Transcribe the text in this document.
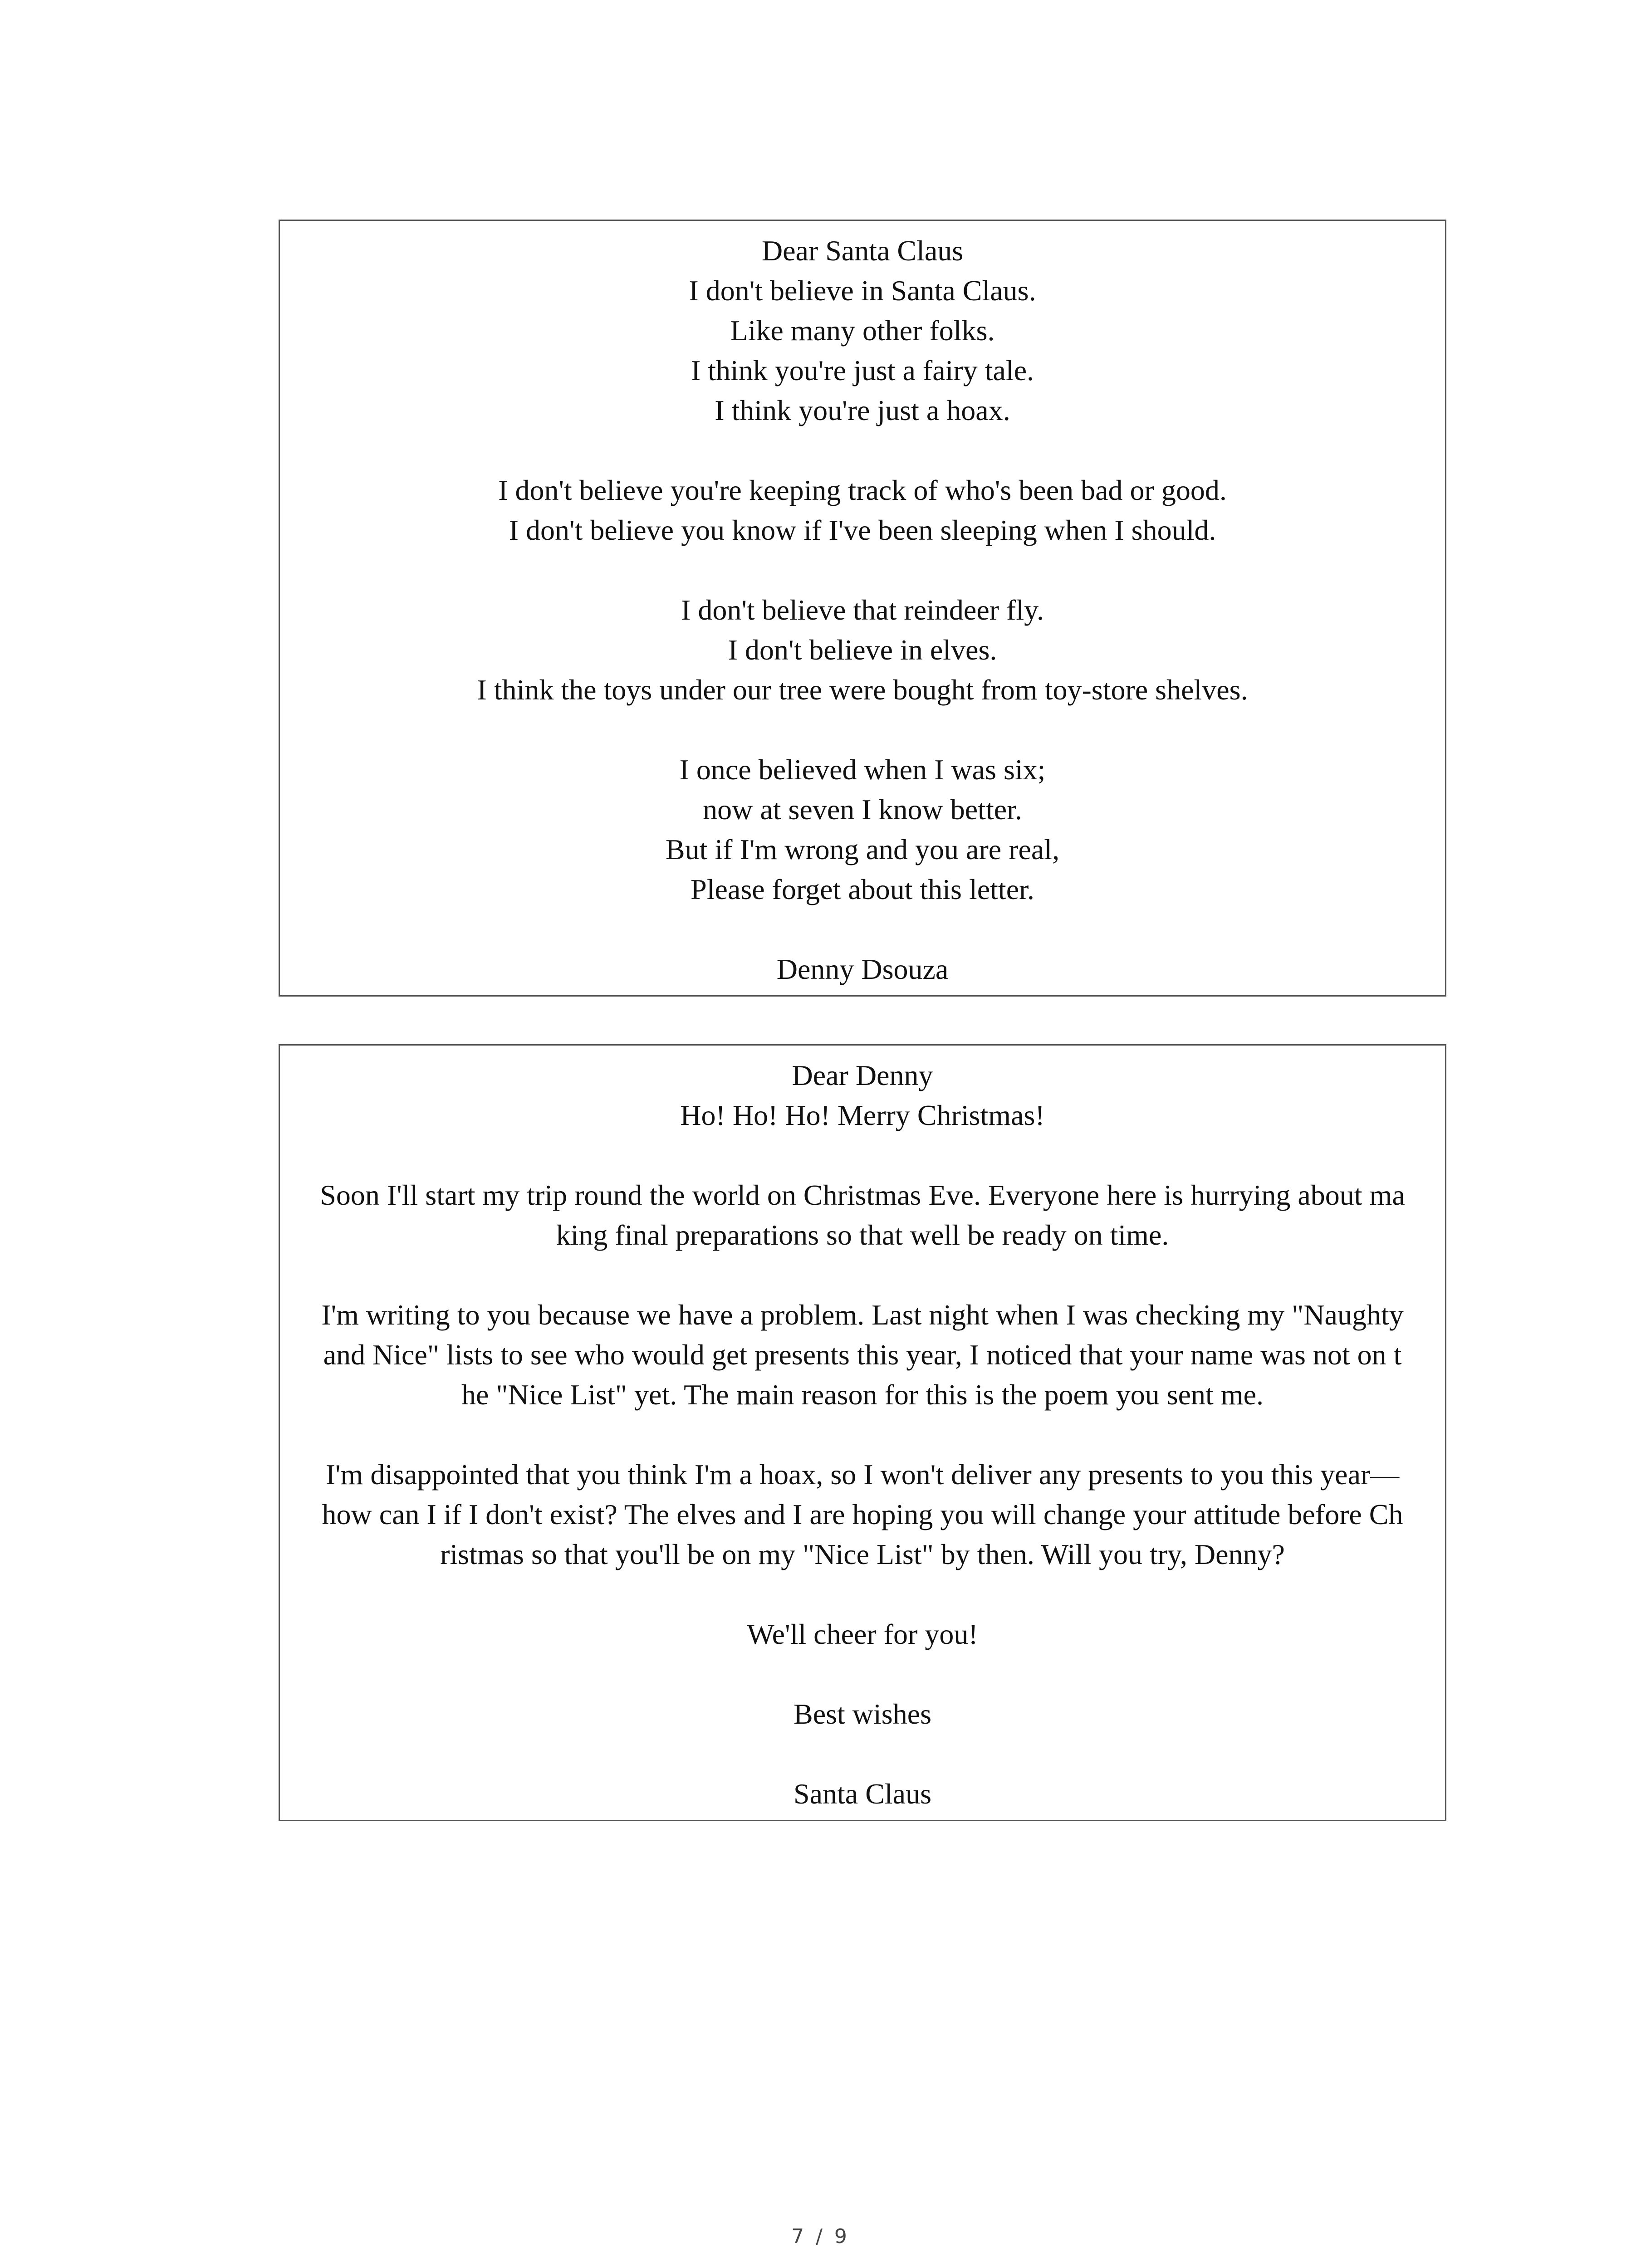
Dear Santa Claus
I don't believe in Santa Claus.
Like many other folks.
I think you're just a fairy tale.
I think you're just a hoax.
I don't believe you're keeping track of who's been bad or good.
I don't believe you know if I've been sleeping when I should.
I don't believe that reindeer fly.
I don't believe in elves.
I think the toys under our tree were bought from toy-store shelves.
I once believed when I was six;
now at seven I know better.
But if I'm wrong and you are real,
Please forget about this letter.
Denny Dsouza
Dear Denny
Ho! Ho! Ho! Merry Christmas!
Soon I'll start my trip round the world on Christmas Eve. Everyone here is hurrying about ma
king final preparations so that well be ready on time.
I'm writing to you because we have a problem. Last night when I was checking my "Naughty
and Nice" lists to see who would get presents this year, I noticed that your name was not on t
he "Nice List" yet. The main reason for this is the poem you sent me.
I'm disappointed that you think I'm a hoax, so I won't deliver any presents to you this year—
how can I if I don't exist? The elves and I are hoping you will change your attitude before Ch
ristmas so that you'll be on my "Nice List" by then. Will you try, Denny?
We'll cheer for you!
Best wishes
Santa Claus
7 / 9
